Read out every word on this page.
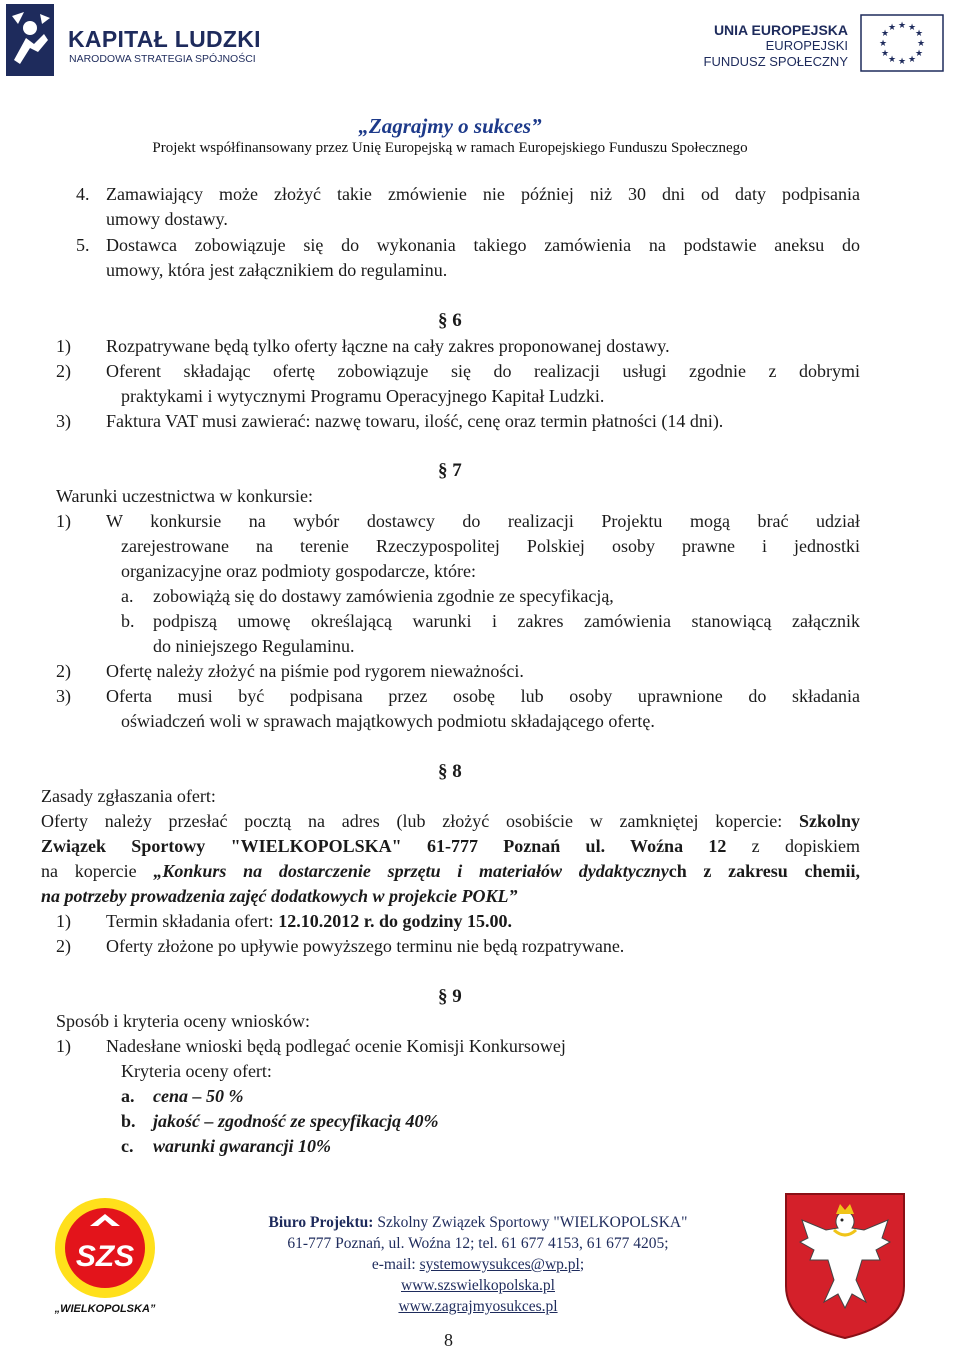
KAPITAŁ LUDZKI
NARODOWA STRATEGIA SPÓJNOŚCI
UNIA EUROPEJSKA
EUROPEJSKI
FUNDUSZ SPOŁECZNY
★ ★
★
★
★
★
★
★
★
★
★
★
„Zagrajmy o sukces”
Projekt współfinansowany przez Unię Europejską w ramach Europejskiego Funduszu Społecznego
4. Zamawiający może złożyć takie zmówienie nie później niż 30 dni od daty podpisania
umowy dostawy.
5. Dostawca zobowiązuje się do wykonania takiego zamówienia na podstawie aneksu do
umowy, która jest załącznikiem do regulaminu.
§ 6
1) Rozpatrywane będą tylko oferty łączne na cały zakres proponowanej dostawy.
2) Oferent składając ofertę zobowiązuje się do realizacji usługi zgodnie z dobrymi
praktykami i wytycznymi Programu Operacyjnego Kapitał Ludzki.
3) Faktura VAT musi zawierać: nazwę towaru, ilość, cenę oraz termin płatności (14 dni).
§ 7
Warunki uczestnictwa w konkursie:
1) W konkursie na wybór dostawcy do realizacji Projektu mogą brać udział
zarejestrowane na terenie Rzeczypospolitej Polskiej osoby prawne i jednostki
organizacyjne oraz podmioty gospodarcze, które:
a. zobowiążą się do dostawy zamówienia zgodnie ze specyfikacją,
b. podpiszą umowę określającą warunki i zakres zamówienia stanowiącą załącznik
do niniejszego Regulaminu.
2) Ofertę należy złożyć na piśmie pod rygorem nieważności.
3) Oferta musi być podpisana przez osobę lub osoby uprawnione do składania
oświadczeń woli w sprawach majątkowych podmiotu składającego ofertę.
§ 8
Zasady zgłaszania ofert:
Oferty należy przesłać pocztą na adres (lub złożyć osobiście w zamkniętej kopercie: Szkolny
Związek Sportowy "WIELKOPOLSKA" 61-777 Poznań ul. Woźna 12 z dopiskiem
na kopercie „Konkurs na dostarczenie sprzętu i materiałów dydaktycznych z zakresu chemii,
na potrzeby prowadzenia zajęć dodatkowych w projekcie POKL”
1) Termin składania ofert: 12.10.2012 r. do godziny 15.00.
2) Oferty złożone po upływie powyższego terminu nie będą rozpatrywane.
§ 9
Sposób i kryteria oceny wniosków:
1) Nadesłane wnioski będą podlegać ocenie Komisji Konkursowej
Kryteria oceny ofert:
a. cena – 50 %
b. jakość – zgodność ze specyfikacją 40%
c. warunki gwarancji 10%
SZS
„WIELKOPOLSKA”
Biuro Projektu: Szkolny Związek Sportowy "WIELKOPOLSKA"
61-777 Poznań, ul. Woźna 12; tel. 61 677 4153, 61 677 4205;
e-mail: systemowysukces@wp.pl;
www.szswielkopolska.pl
www.zagrajmyosukces.pl
8
